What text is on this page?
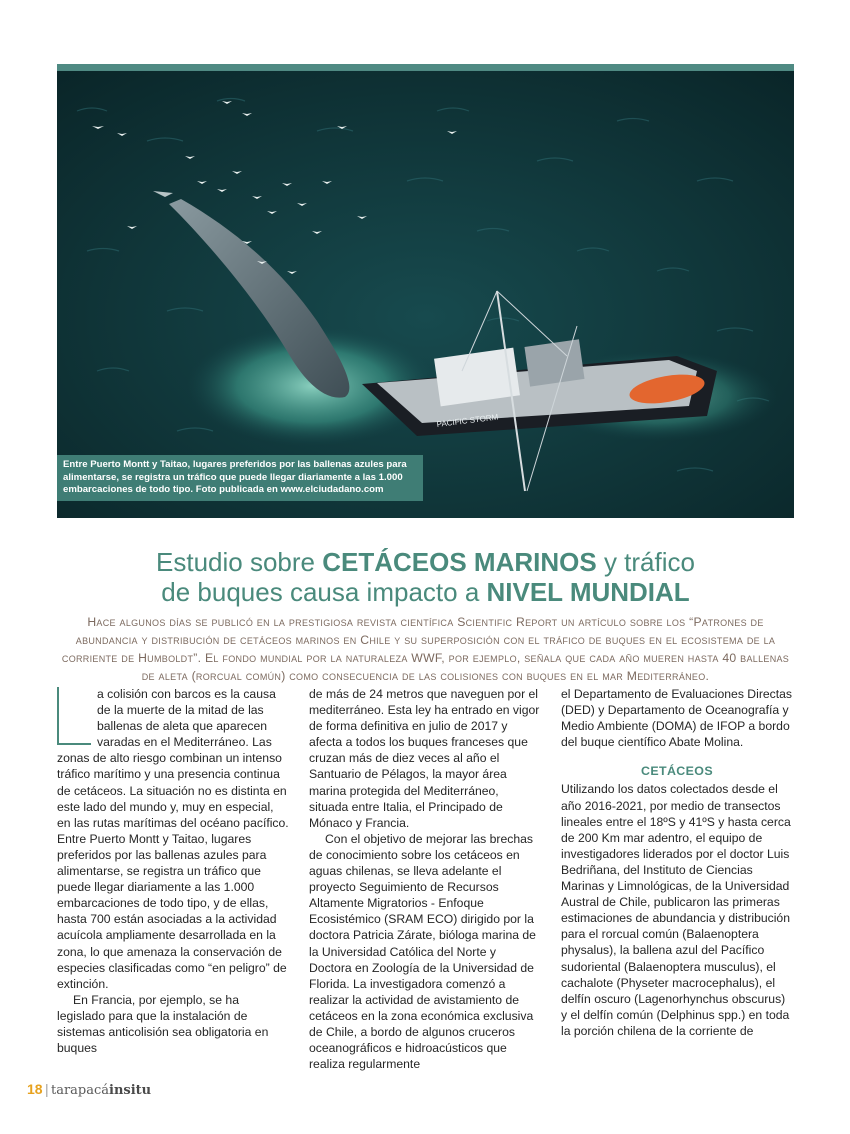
PACIFIC STORM
Entre Puerto Montt y Taitao, lugares preferidos por las ballenas azules para alimentarse, se registra un tráfico que puede llegar diariamente a las 1.000 embarcaciones de todo tipo. Foto publicada en www.elciudadano.com
Estudio sobre CETÁCEOS MARINOS y tráfico
de buques causa impacto a NIVEL MUNDIAL

Hace algunos días se publicó en la prestigiosa revista científica Scientific Report un artículo sobre los “Patrones de abundancia y distribución de cetáceos marinos en Chile y su superposición con el tráfico de buques en el ecosistema de la corriente de Humboldt”. El fondo mundial por la naturaleza WWF, por ejemplo, señala que cada año mueren hasta 40 ballenas de aleta (rorcual común) como consecuencia de las colisiones con buques en el mar Mediterráneo.

a colisión con barcos es la causa de la muerte de la mitad de las ballenas de aleta que aparecen varadas en el Mediterráneo. Las zonas de alto riesgo combinan un intenso tráfico marítimo y una presencia continua de cetáceos. La situación no es distinta en este lado del mundo y, muy en especial, en las rutas marítimas del océano pacífico. Entre Puerto Montt y Taitao, lugares preferidos por las ballenas azules para alimentarse, se registra un tráfico que puede llegar diariamente a las 1.000 embarcaciones de todo tipo, y de ellas, hasta 700 están asociadas a la actividad acuícola ampliamente desarrollada en la zona, lo que amenaza la conservación de especies clasificadas como “en peligro” de extinción.

En Francia, por ejemplo, se ha legislado para que la instalación de sistemas anticolisión sea obligatoria en buques

de más de 24 metros que naveguen por el mediterráneo. Esta ley ha entrado en vigor de forma definitiva en julio de 2017 y afecta a todos los buques franceses que cruzan más de diez veces al año el Santuario de Pélagos, la mayor área marina protegida del Mediterráneo, situada entre Italia, el Principado de Mónaco y Francia.

Con el objetivo de mejorar las brechas de conocimiento sobre los cetáceos en aguas chilenas, se lleva adelante el proyecto Seguimiento de Recursos Altamente Migratorios - Enfoque Ecosistémico (SRAM ECO) dirigido por la doctora Patricia Zárate, bióloga marina de la Universidad Católica del Norte y Doctora en Zoología de la Universidad de Florida. La investigadora comenzó a realizar la actividad de avistamiento de cetáceos en la zona económica exclusiva de Chile, a bordo de algunos cruceros oceanográficos e hidroacústicos que realiza regularmente

el Departamento de Evaluaciones Directas (DED) y Departamento de Oceanografía y Medio Ambiente (DOMA) de IFOP a bordo del buque científico Abate Molina.

CETÁCEOS

Utilizando los datos colectados desde el año 2016-2021, por medio de transectos lineales entre el 18ºS y 41ºS y hasta cerca de 200 Km mar adentro, el equipo de investigadores liderados por el doctor Luis Bedriñana, del Instituto de Ciencias Marinas y Limnológicas, de la Universidad Austral de Chile, publicaron las primeras estimaciones de abundancia y distribución para el rorcual común (Balaenoptera physalus), la ballena azul del Pacífico sudoriental (Balaenoptera musculus), el cachalote (Physeter macrocephalus), el delfín oscuro (Lagenorhynchus obscurus) y el delfín común (Delphinus spp.) en toda la porción chilena de la corriente de

18 | tarapacáinsitu
